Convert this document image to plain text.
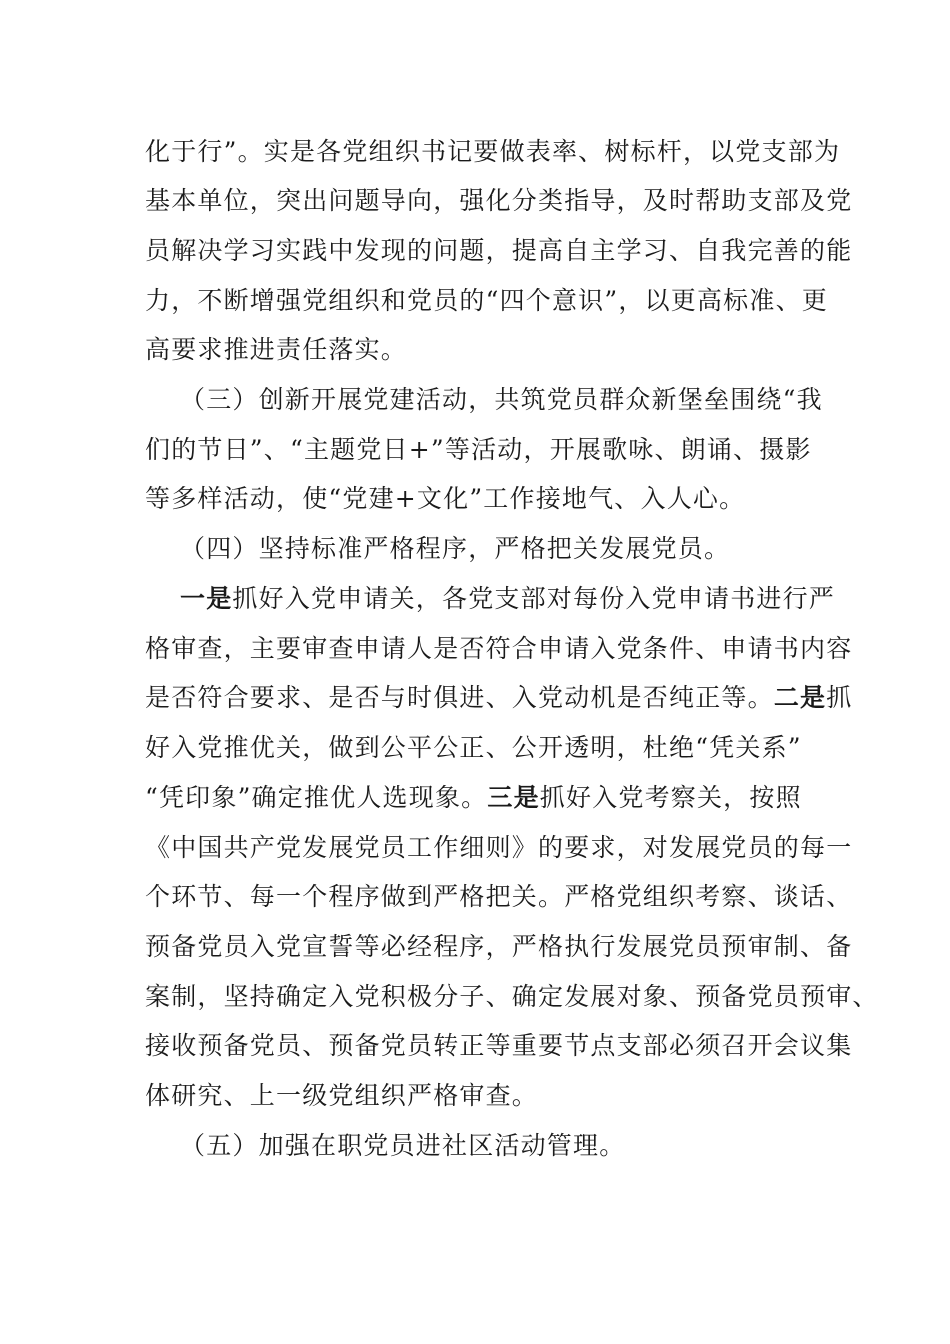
化于行”。实是各党组织书记要做表率、树标杆，以党支部为
基本单位，突出问题导向，强化分类指导，及时帮助支部及党
员解决学习实践中发现的问题，提高自主学习、自我完善的能
力，不断增强党组织和党员的“四个意识”，以更高标准、更
高要求推进责任落实。
（三）创新开展党建活动，共筑党员群众新堡垒围绕“我
们的节日”、“主题党日+”等活动，开展歌咏、朗诵、摄影
等多样活动，使“党建+文化”工作接地气、入人心。
（四）坚持标准严格程序，严格把关发展党员。
一是抓好入党申请关，各党支部对每份入党申请书进行严
格审查，主要审查申请人是否符合申请入党条件、申请书内容
是否符合要求、是否与时俱进、入党动机是否纯正等。二是抓
好入党推优关，做到公平公正、公开透明，杜绝“凭关系”
“凭印象”确定推优人选现象。三是抓好入党考察关，按照
《中国共产党发展党员工作细则》的要求，对发展党员的每一
个环节、每一个程序做到严格把关。严格党组织考察、谈话、
预备党员入党宣誓等必经程序，严格执行发展党员预审制、备
案制，坚持确定入党积极分子、确定发展对象、预备党员预审、
接收预备党员、预备党员转正等重要节点支部必须召开会议集
体研究、上一级党组织严格审查。
（五）加强在职党员进社区活动管理。
